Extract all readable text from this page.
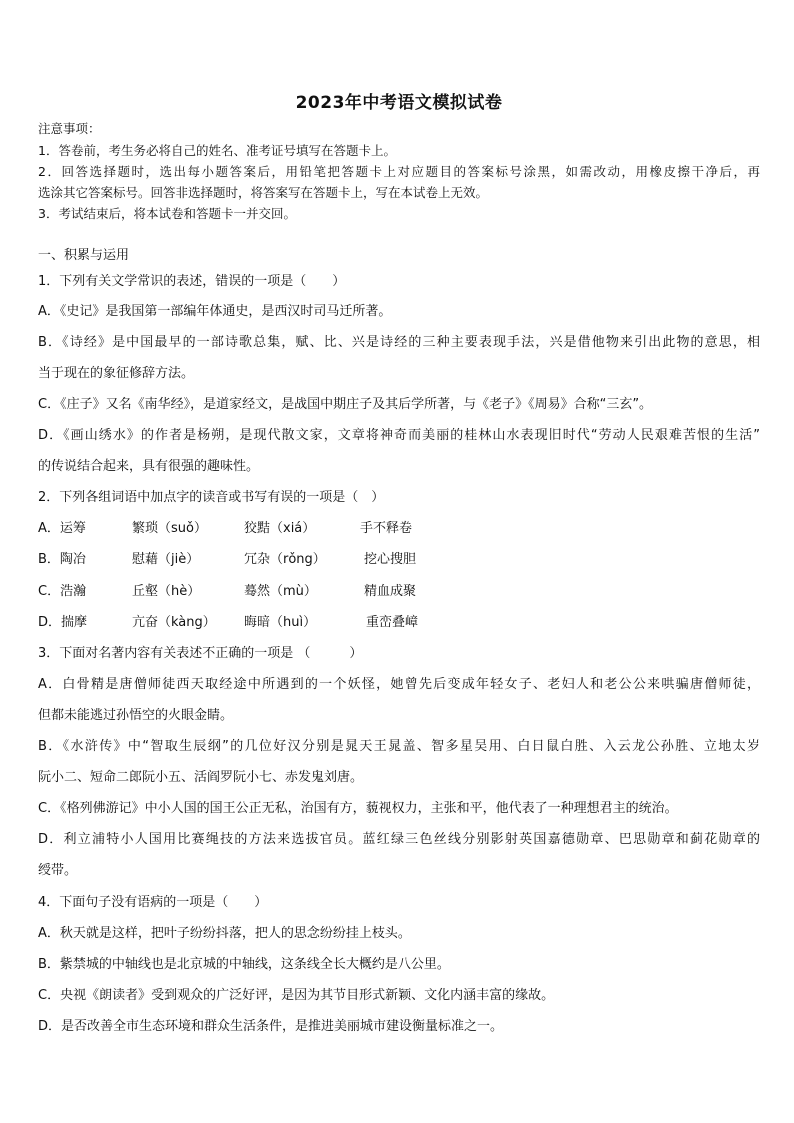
2023年中考语文模拟试卷
注意事项：
1．答卷前，考生务必将自己的姓名、准考证号填写在答题卡上。
2．回答选择题时，选出每小题答案后，用铅笔把答题卡上对应题目的答案标号涂黑，如需改动，用橡皮擦干净后，再
选涂其它答案标号。回答非选择题时，将答案写在答题卡上，写在本试卷上无效。
3．考试结束后，将本试卷和答题卡一并交回。
一、积累与运用
1．下列有关文学常识的表述，错误的一项是（　　）
A．《史记》是我国第一部编年体通史，是西汉时司马迁所著。
B．《诗经》是中国最早的一部诗歌总集，赋、比、兴是诗经的三种主要表现手法，兴是借他物来引出此物的意思，相
当于现在的象征修辞方法。
C．《庄子》又名《南华经》，是道家经文，是战国中期庄子及其后学所著，与《老子》《周易》合称“三玄”。
D．《画山绣水》的作者是杨朔，是现代散文家，文章将神奇而美丽的桂林山水表现旧时代“劳动人民艰难苦恨的生活”
的传说结合起来，具有很强的趣味性。
2．下列各组词语中加点字的读音或书写有误的一项是（　）
A．运筹	繁琐（suǒ）	狡黠（xiá）	手不释卷
B．陶冶	慰藉（jiè）	冗杂（rǒng）	挖心搜胆
C．浩瀚	丘壑（hè）	蓦然（mù）	精血成聚
D．揣摩	亢奋（kàng） 晦暗（huì）	重峦叠嶂
3．下面对名著内容有关表述不正确的一项是 （　　　）
A．白骨精是唐僧师徒西天取经途中所遇到的一个妖怪，她曾先后变成年轻女子、老妇人和老公公来哄骗唐僧师徒，
但都未能逃过孙悟空的火眼金睛。
B．《水浒传》中“智取生辰纲”的几位好汉分别是晁天王晁盖、智多星吴用、白日鼠白胜、入云龙公孙胜、立地太岁
阮小二、短命二郎阮小五、活阎罗阮小七、赤发鬼刘唐。
C．《格列佛游记》中小人国的国王公正无私，治国有方，藐视权力，主张和平，他代表了一种理想君主的统治。
D．利立浦特小人国用比赛绳技的方法来选拔官员。蓝红绿三色丝线分别影射英国嘉德勋章、巴思勋章和蓟花勋章的
绶带。
4．下面句子没有语病的一项是（　　）
A．秋天就是这样，把叶子纷纷抖落，把人的思念纷纷挂上枝头。
B．紫禁城的中轴线也是北京城的中轴线，这条线全长大概约是八公里。
C．央视《朗读者》受到观众的广泛好评，是因为其节目形式新颖、文化内涵丰富的缘故。
D．是否改善全市生态环境和群众生活条件，是推进美丽城市建设衡量标准之一。
